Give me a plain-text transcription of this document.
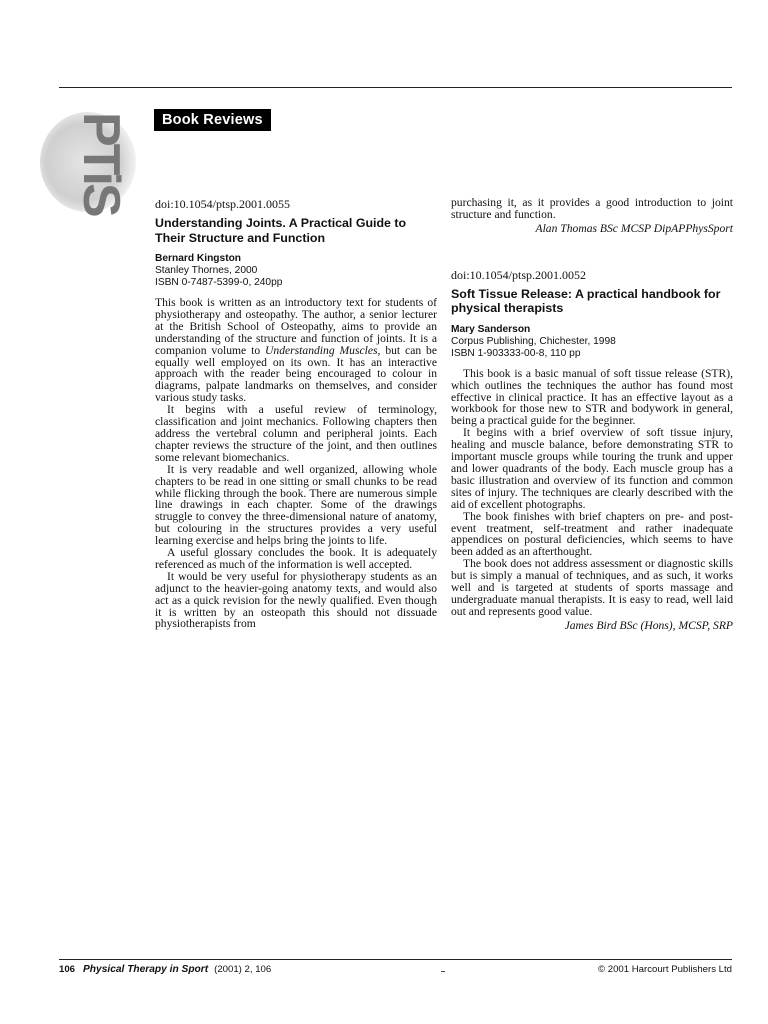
PTiS	Book Reviews
doi:10.1054/ptsp.2001.0055
Understanding Joints. A Practical Guide to Their Structure and Function
Bernard Kingston
Stanley Thornes, 2000
ISBN 0-7487-5399-0, 240pp

This book is written as an introductory text for students of physiotherapy and osteopathy. The author, a senior lecturer at the British School of Osteopathy, aims to provide an understanding of the structure and function of joints. It is a companion volume to Understanding Muscles, but can be equally well employed on its own. It has an interactive approach with the reader being encouraged to colour in diagrams, palpate landmarks on themselves, and consider various study tasks.

It begins with a useful review of terminology, classification and joint mechanics. Following chapters then address the vertebral column and peripheral joints. Each chapter reviews the structure of the joint, and then outlines some relevant biomechanics.

It is very readable and well organized, allowing whole chapters to be read in one sitting or small chunks to be read while flicking through the book. There are numerous simple line drawings in each chapter. Some of the drawings struggle to convey the three-dimensional nature of anatomy, but colouring in the structures provides a very useful learning exercise and helps bring the joints to life.

A useful glossary concludes the book. It is adequately referenced as much of the information is well accepted.

It would be very useful for physiotherapy students as an adjunct to the heavier-going anatomy texts, and would also act as a quick revision for the newly qualified. Even though it is written by an osteopath this should not dissuade physiotherapists from

purchasing it, as it provides a good introduction to joint structure and function.

Alan Thomas BSc MCSP DipAPPhysSport
doi:10.1054/ptsp.2001.0052
Soft Tissue Release: A practical handbook for physical therapists
Mary Sanderson
Corpus Publishing, Chichester, 1998
ISBN 1-903333-00-8, 110 pp

This book is a basic manual of soft tissue release (STR), which outlines the techniques the author has found most effective in clinical practice. It has an effective layout as a workbook for those new to STR and bodywork in general, being a practical guide for the beginner.

It begins with a brief overview of soft tissue injury, healing and muscle balance, before demonstrating STR to important muscle groups while touring the trunk and upper and lower quadrants of the body. Each muscle group has a basic illustration and overview of its function and common sites of injury. The techniques are clearly described with the aid of excellent photographs.

The book finishes with brief chapters on pre- and post-event treatment, self-treatment and rather inadequate appendices on postural deficiencies, which seems to have been added as an afterthought.

The book does not address assessment or diagnostic skills but is simply a manual of techniques, and as such, it works well and is targeted at students of sports massage and undergraduate manual therapists. It is easy to read, well laid out and represents good value.

James Bird BSc (Hons), MCSP, SRP
106 Physical Therapy in Sport (2001) 2, 106	© 2001 Harcourt Publishers Ltd
